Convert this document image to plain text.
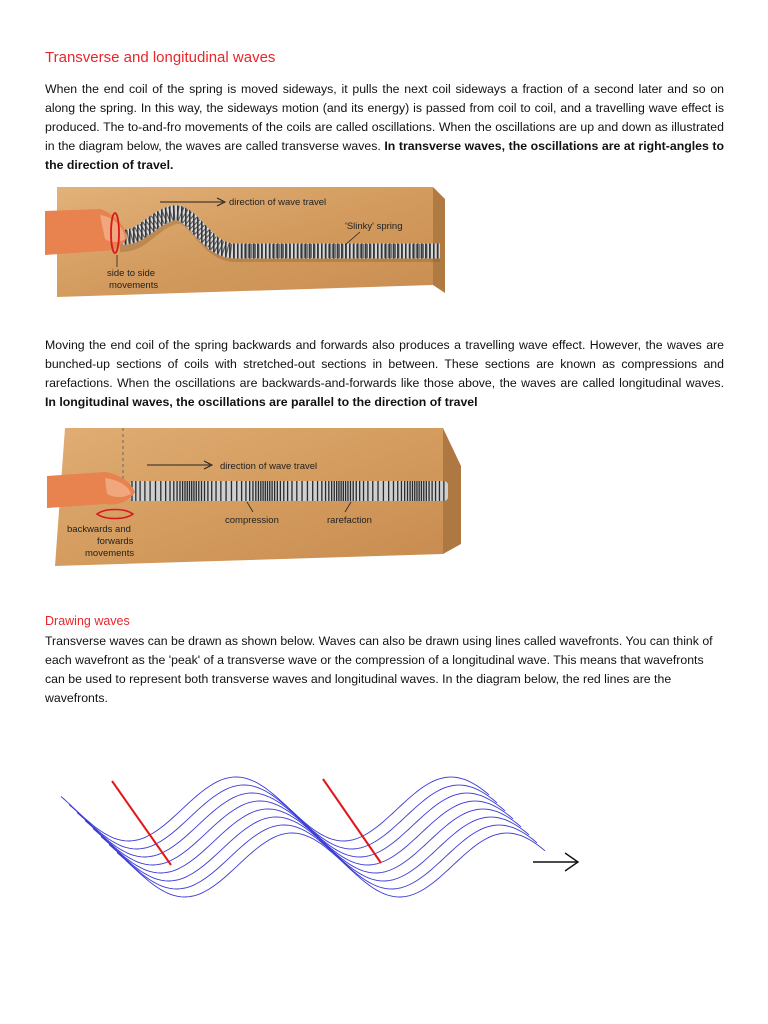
Transverse and longitudinal waves

When the end coil of the spring is moved sideways, it pulls the next coil sideways a fraction of a second later and so on along the spring. In this way, the sideways motion (and its energy) is passed from coil to coil, and a travelling wave effect is produced. The to-and-fro movements of the coils are called oscillations. When the oscillations are up and down as illustrated in the diagram below, the waves are called transverse waves. In transverse waves, the oscillations are at right-angles to the direction of travel.

direction of wave travel
'Slinky' spring
side to side
movements

Moving the end coil of the spring backwards and forwards also produces a travelling wave effect. However, the waves are bunched-up sections of coils with stretched-out sections in between. These sections are known as compressions and rarefactions. When the oscillations are backwards-and-forwards like those above, the waves are called longitudinal waves. In longitudinal waves, the oscillations are parallel to the direction of travel

direction of wave travel
compression	rarefaction
backwards and
forwards
movements
Drawing waves

Transverse waves can be drawn as shown below. Waves can also be drawn using lines called wavefronts. You can think of each wavefront as the 'peak' of a transverse wave or the compression of a longitudinal wave. This means that wavefronts can be used to represent both transverse waves and longitudinal waves. In the diagram below, the red lines are the wavefronts.
